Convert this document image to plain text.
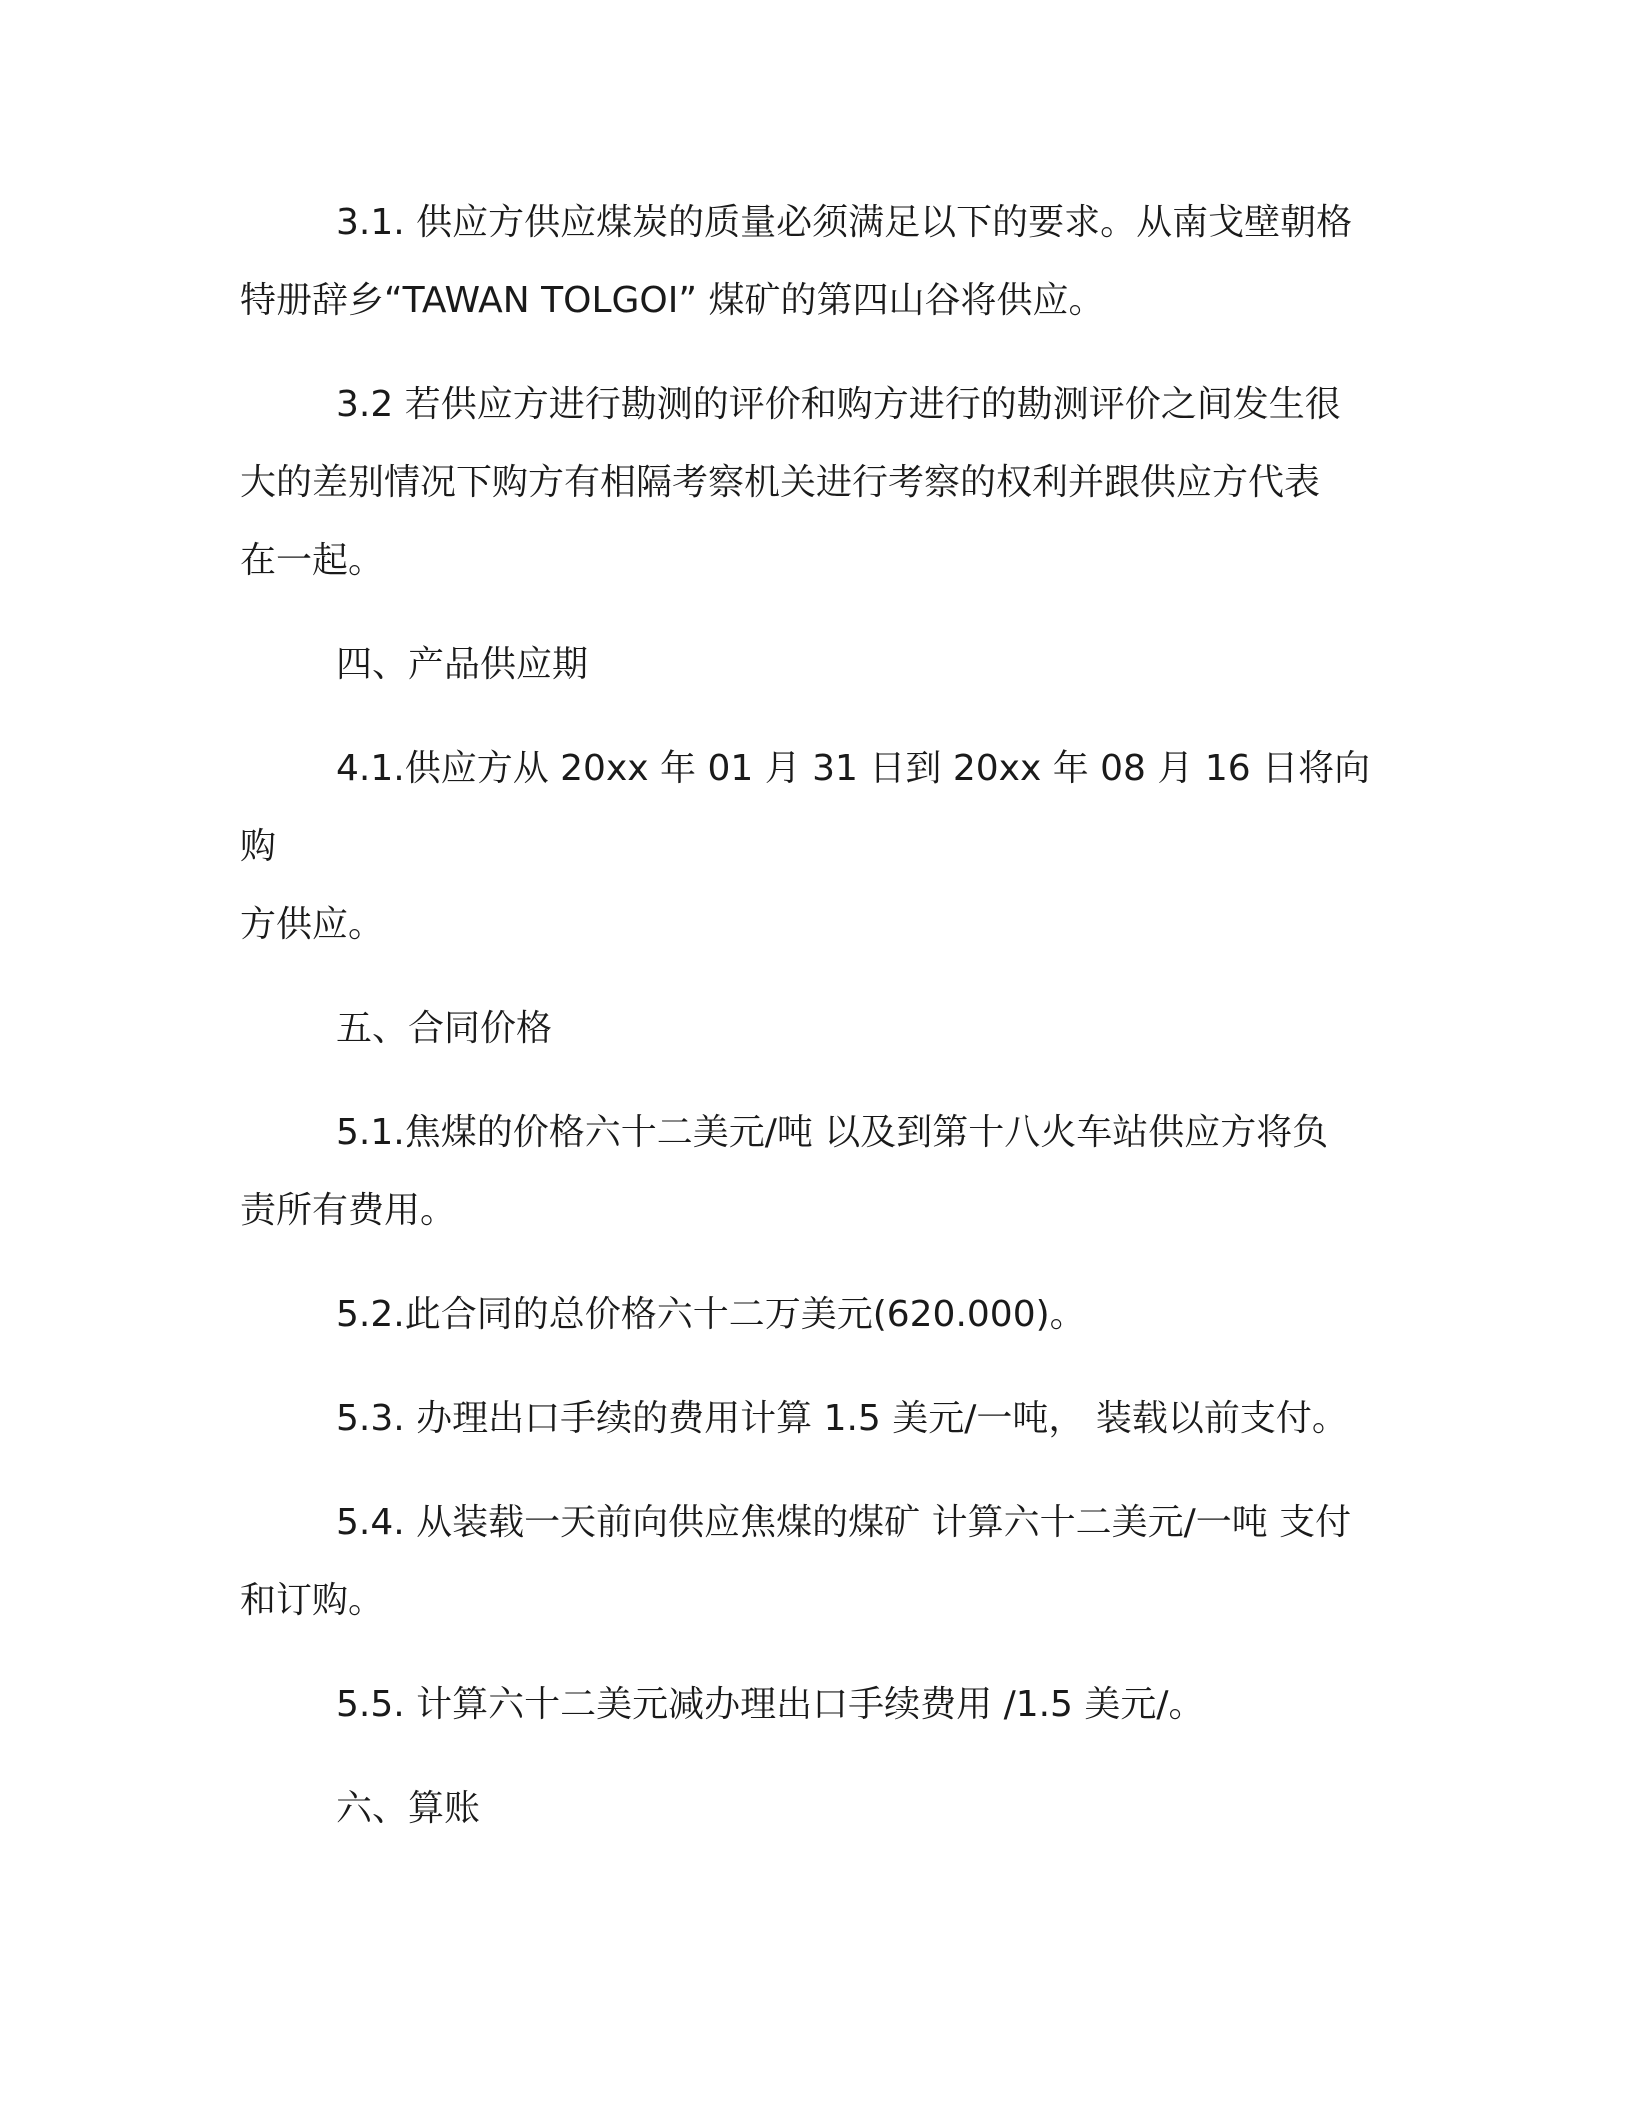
3.1. 供应方供应煤炭的质量必须满足以下的要求。从南戈壁朝格
特册辞乡“TAWAN TOLGOI” 煤矿的第四山谷将供应。

3.2 若供应方进行勘测的评价和购方进行的勘测评价之间发生很
大的差别情况下购方有相隔考察机关进行考察的权利并跟供应方代表
在一起。

四、产品供应期

4.1.供应方从 20xx 年 01 月 31 日到 20xx 年 08 月 16 日将向购
方供应。

五、合同价格

5.1.焦煤的价格六十二美元/吨 以及到第十八火车站供应方将负
责所有费用。

5.2.此合同的总价格六十二万美元(620.000)。

5.3. 办理出口手续的费用计算 1.5 美元/一吨， 装载以前支付。

5.4. 从装载一天前向供应焦煤的煤矿 计算六十二美元/一吨 支付
和订购。

5.5. 计算六十二美元减办理出口手续费用 /1.5 美元/。

六、算账
